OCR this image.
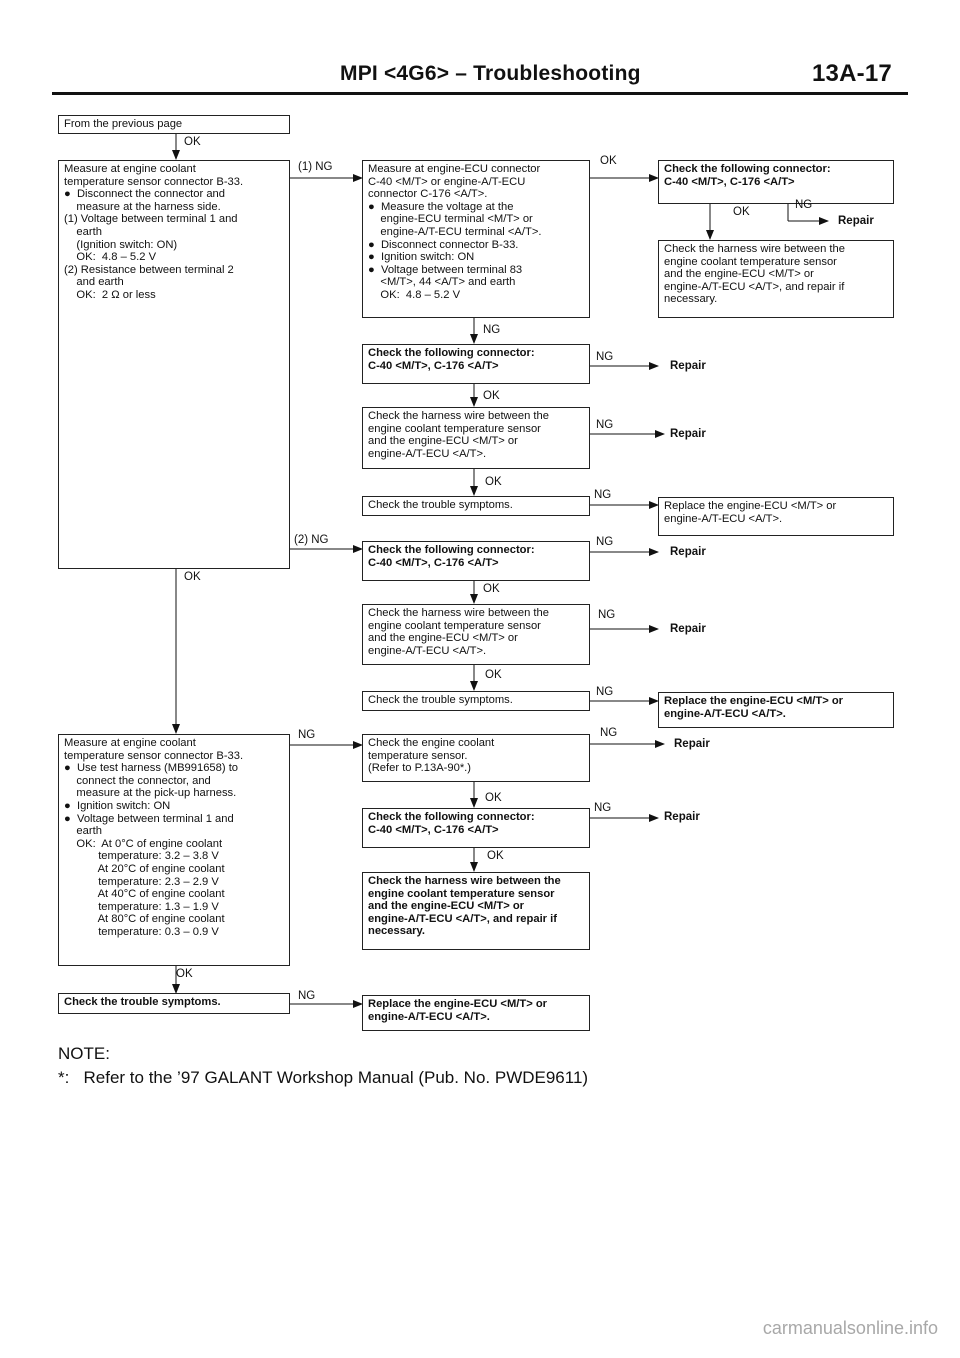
MPI <4G6> – Troubleshooting	13A-17
From the previous page
OK
Measure at engine coolant
temperature sensor connector B-33.
●  Disconnect the connector and
measure at the harness side.
(1) Voltage between terminal 1 and
earth
(Ignition switch: ON)
OK:  4.8 – 5.2 V
(2) Resistance between terminal 2
and earth
OK:  2 Ω or less
OK
Measure at engine coolant
temperature sensor connector B-33.
●  Use test harness (MB991658) to
connect the connector, and
measure at the pick-up harness.
●  Ignition switch: ON
●  Voltage between terminal 1 and
earth
OK:  At 0°C of engine coolant
temperature: 3.2 – 3.8 V
At 20°C of engine coolant
temperature: 2.3 – 2.9 V
At 40°C of engine coolant
temperature: 1.3 – 1.9 V
At 80°C of engine coolant
temperature: 0.3 – 0.9 V
OK
Check the trouble symptoms.
(1) NG
(2) NG
NG
NG
Measure at engine-ECU connector
C-40 <M/T> or engine-A/T-ECU
connector C-176 <A/T>.
●  Measure the voltage at the
engine-ECU terminal <M/T> or
engine-A/T-ECU terminal <A/T>.
●  Disconnect connector B-33.
●  Ignition switch: ON
●  Voltage between terminal 83
<M/T>, 44 <A/T> and earth
OK:  4.8 – 5.2 V
NG
Check the following connector:
C-40 <M/T>, C-176 <A/T>
OK
Check the harness wire between the
engine coolant temperature sensor
and the engine-ECU <M/T> or
engine-A/T-ECU <A/T>.
OK
Check the trouble symptoms.
Check the following connector:
C-40 <M/T>, C-176 <A/T>
OK
Check the harness wire between the
engine coolant temperature sensor
and the engine-ECU <M/T> or
engine-A/T-ECU <A/T>.
OK
Check the trouble symptoms.
Check the engine coolant
temperature sensor.
(Refer to P.13A-90*.)
OK
Check the following connector:
C-40 <M/T>, C-176 <A/T>
OK
Check the harness wire between the
engine coolant temperature sensor
and the engine-ECU <M/T> or
engine-A/T-ECU <A/T>, and repair if
necessary.
Replace the engine-ECU <M/T> or
engine-A/T-ECU <A/T>.
OK
NG
NG
NG
NG
NG
NG
NG
NG
Check the following connector:
C-40 <M/T>, C-176 <A/T>
OK
NG
Repair
Check the harness wire between the
engine coolant temperature sensor
and the engine-ECU <M/T> or
engine-A/T-ECU <A/T>, and repair if
necessary.
Repair
Repair
Replace the engine-ECU <M/T> or
engine-A/T-ECU <A/T>.
Repair
Repair
Replace the engine-ECU <M/T> or
engine-A/T-ECU <A/T>.
Repair
Repair
NOTE:
*:   Refer to the ’97 GALANT Workshop Manual (Pub. No. PWDE9611)
carmanualsonline.info
